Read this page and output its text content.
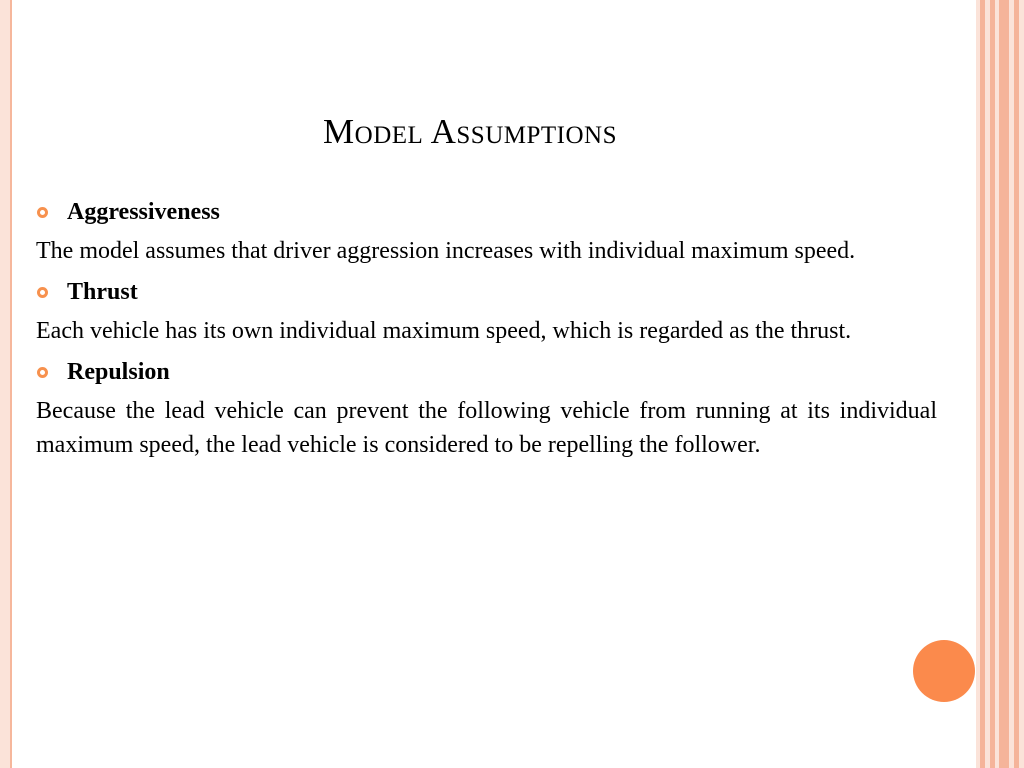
Model Assumptions
Aggressiveness

The model assumes that driver aggression increases with individual maximum speed.

Thrust

Each vehicle has its own individual maximum speed, which is regarded as the thrust.

Repulsion

Because the lead vehicle can prevent the following vehicle from running at its individual maximum speed, the lead vehicle is considered to be repelling the follower.
